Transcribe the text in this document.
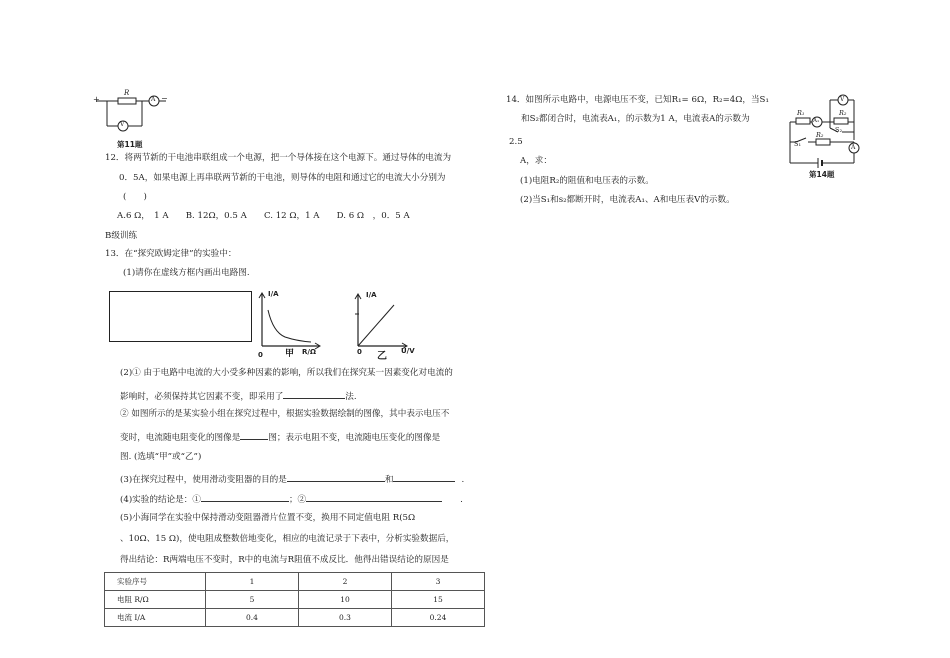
+
R
A −
V
第11题
12．将两节新的干电池串联组成一个电源，把一个导体接在这个电源下。通过导体的电流为
0．5A，如果电源上再串联两节新的干电池，则导体的电阻和通过它的电流大小分别为
(　　)
A.6 Ω，　1 A　　B. 12Ω，0.5 A　　C. 12 Ω，1 A　　D. 6 Ω　，0．5 A
B级训练
13．在“探究欧姆定律”的实验中：
(1)请你在虚线方框内画出电路图.
I/A
0 甲 R/Ω
I/A
0 乙 U/V
(2)① 由于电路中电流的大小受多种因素的影响，所以我们在探究某一因素变化对电流的
影响时，必须保持其它因素不变，即采用了	法.
② 如图所示的是某实验小组在探究过程中，根据实验数据绘制的图像，其中表示电压不
变时，电流随电阻变化的图像是	图；表示电阻不变，电流随电压变化的图像是
图. (选填“甲”或“乙”)
(3)在探究过程中，使用滑动变阻器的目的是	和	.
(4)实验的结论是：①	；②	.
(5)小海同学在实验中保持滑动变阻器滑片位置不变，换用不同定值电阻 R(5Ω
、10Ω、15 Ω)，使电阻成整数倍地变化，相应的电流记录于下表中，分析实验数据后，
得出结论：R两端电压不变时，R中的电流与R阻值不成反比．他得出错误结论的原因是
实验序号	1	2	3
电阻 R/Ω	5	10	15
电流 I/A	0.4	0.3	0.24
14．如图所示电路中，电源电压不变，已知R₁= 6Ω，R₂=4Ω，当S₁
和S₂都闭合时，电流表A₁，的示数为1 A，电流表A的示数为
2.5
A，求：
(1)电阻R₂的阻值和电压表的示数。
(2)当S₁和s₂都断开时，电流表A₁、A和电压表V的示数。
V
R₁
A₁
R₂
S₂
S₁
R₂
A
第14题
